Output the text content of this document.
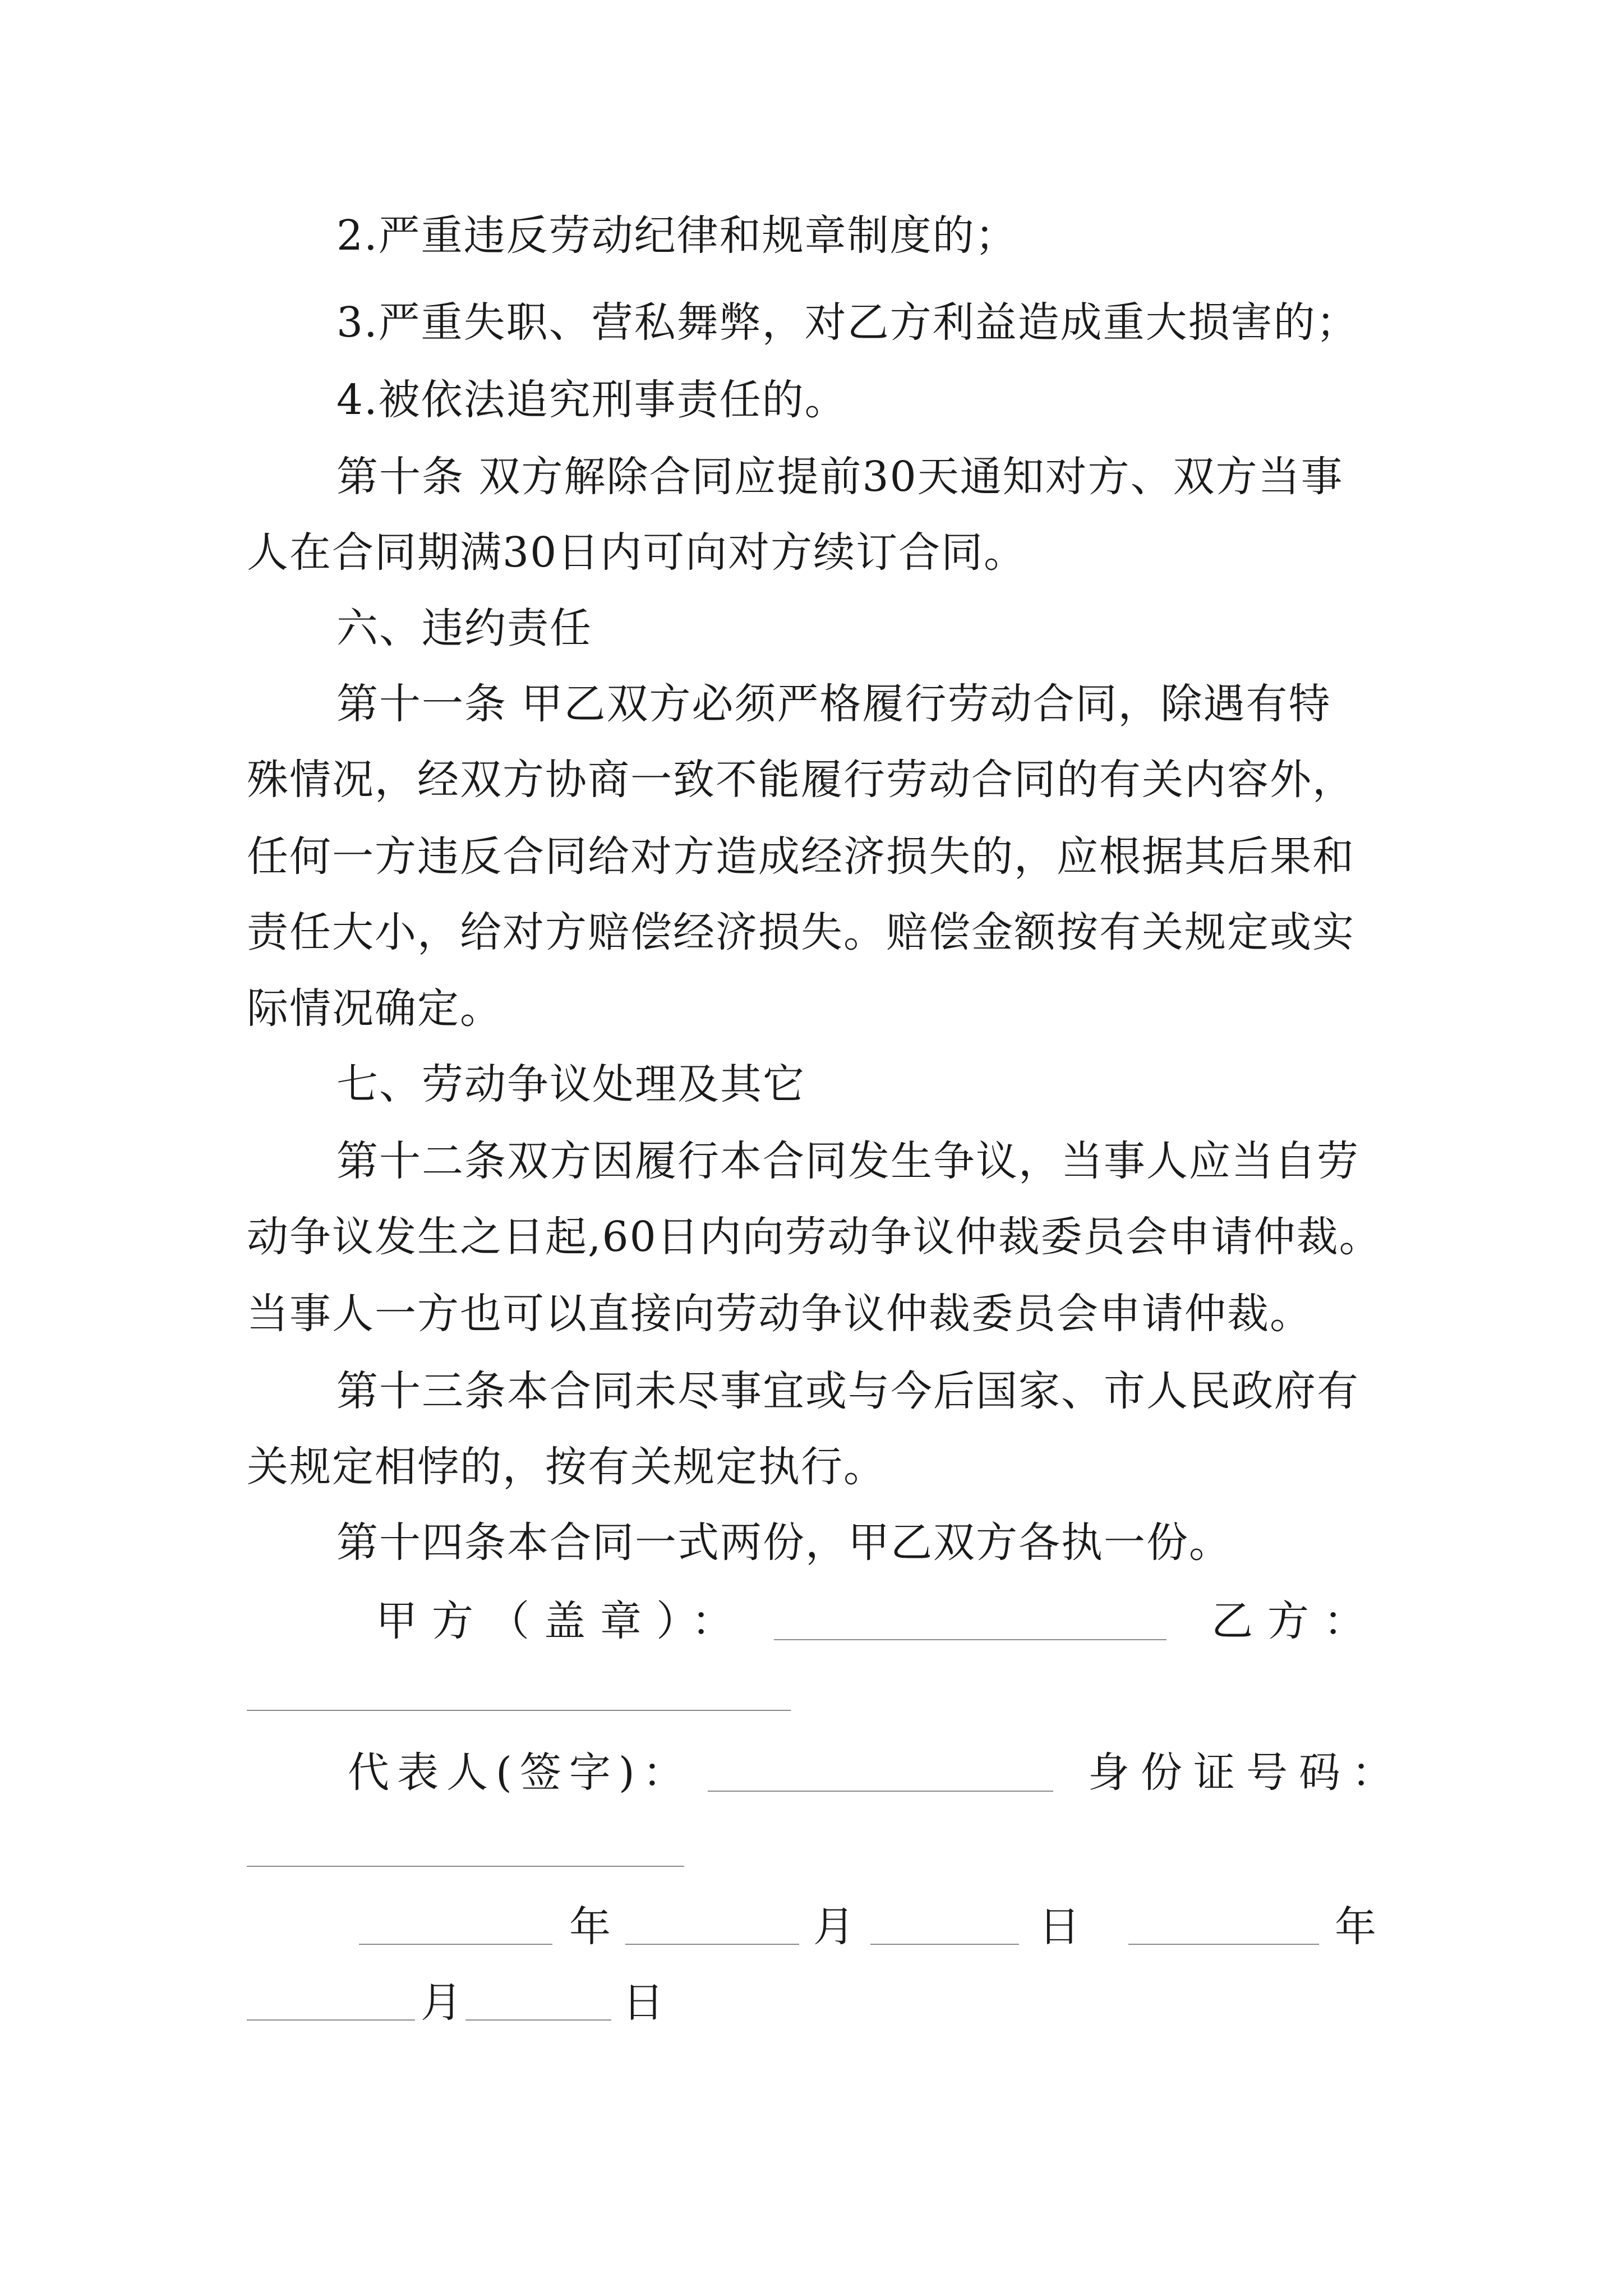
2.严重违反劳动纪律和规章制度的；
3.严重失职、营私舞弊，对乙方利益造成重大损害的；
4.被依法追究刑事责任的。
第十条 双方解除合同应提前30天通知对方、双方当事
人在合同期满30日内可向对方续订合同。
六、违约责任
第十一条 甲乙双方必须严格履行劳动合同，除遇有特
殊情况，经双方协商一致不能履行劳动合同的有关内容外，
任何一方违反合同给对方造成经济损失的，应根据其后果和
责任大小，给对方赔偿经济损失。赔偿金额按有关规定或实
际情况确定。
七、劳动争议处理及其它
第十二条双方因履行本合同发生争议，当事人应当自劳
动争议发生之日起,60日内向劳动争议仲裁委员会申请仲裁。
当事人一方也可以直接向劳动争议仲裁委员会申请仲裁。
第十三条本合同未尽事宜或与今后国家、市人民政府有
关规定相悖的，按有关规定执行。
第十四条本合同一式两份，甲乙双方各执一份。
甲方（盖章）：	乙方：
代表人(签字)：	身份证号码：
年	月	日	年
月	日
